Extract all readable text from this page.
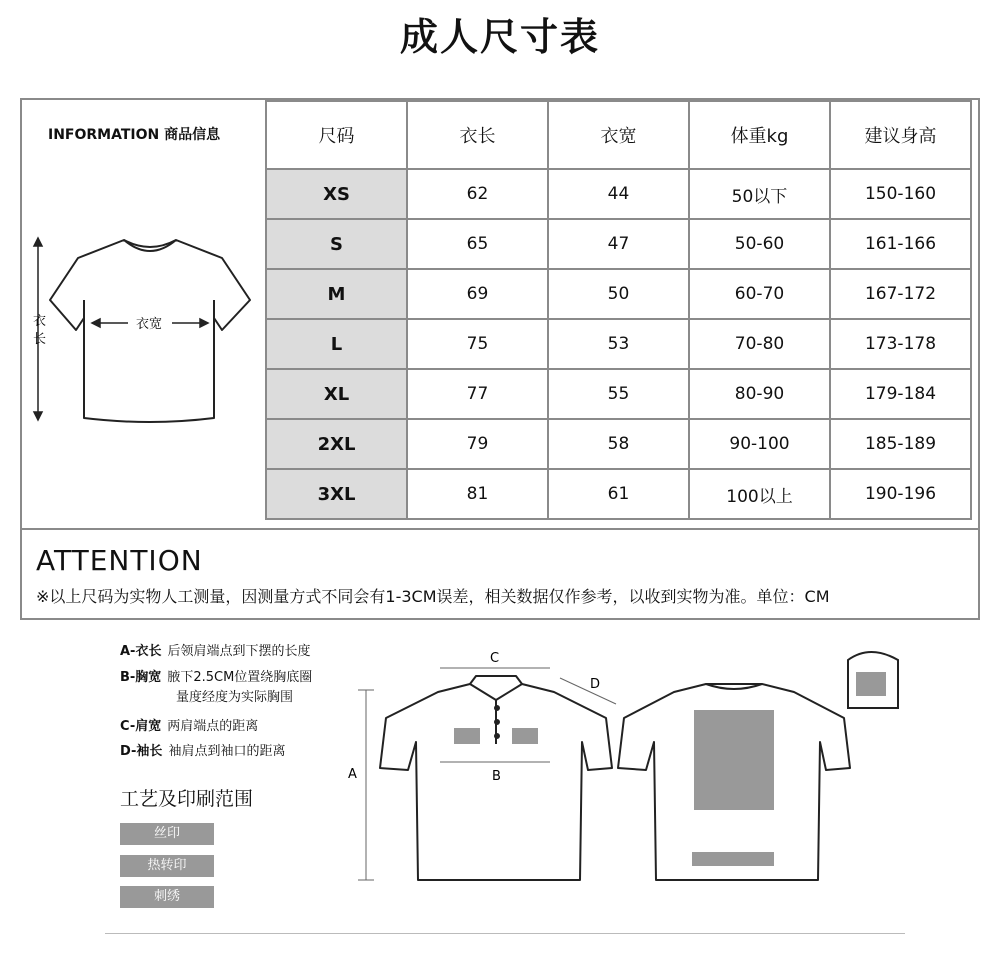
成人尺寸表
INFORMATION 商品信息	尺码	衣长	衣宽	体重kg	建议身高
XS	62	44	50以下	150-160
S	65	47	50-60	161-166
M	69	50	60-70	167-172
L	75	53	70-80	173-178
XL	77	55	80-90	179-184
2XL	79	58	90-100	185-189
3XL	81	61	100以上	190-196
ATTENTION
※以上尺码为实物人工测量，因测量方式不同会有1-3CM误差，相关数据仅作参考，以收到实物为准。单位：CM
衣
长
衣宽
C
D
A	B
A-衣长 后领肩端点到下摆的长度
B-胸宽 腋下2.5CM位置绕胸底圈
量度经度为实际胸围
C-肩宽 两肩端点的距离
D-袖长 袖肩点到袖口的距离
工艺及印刷范围
丝印
热转印
刺绣
